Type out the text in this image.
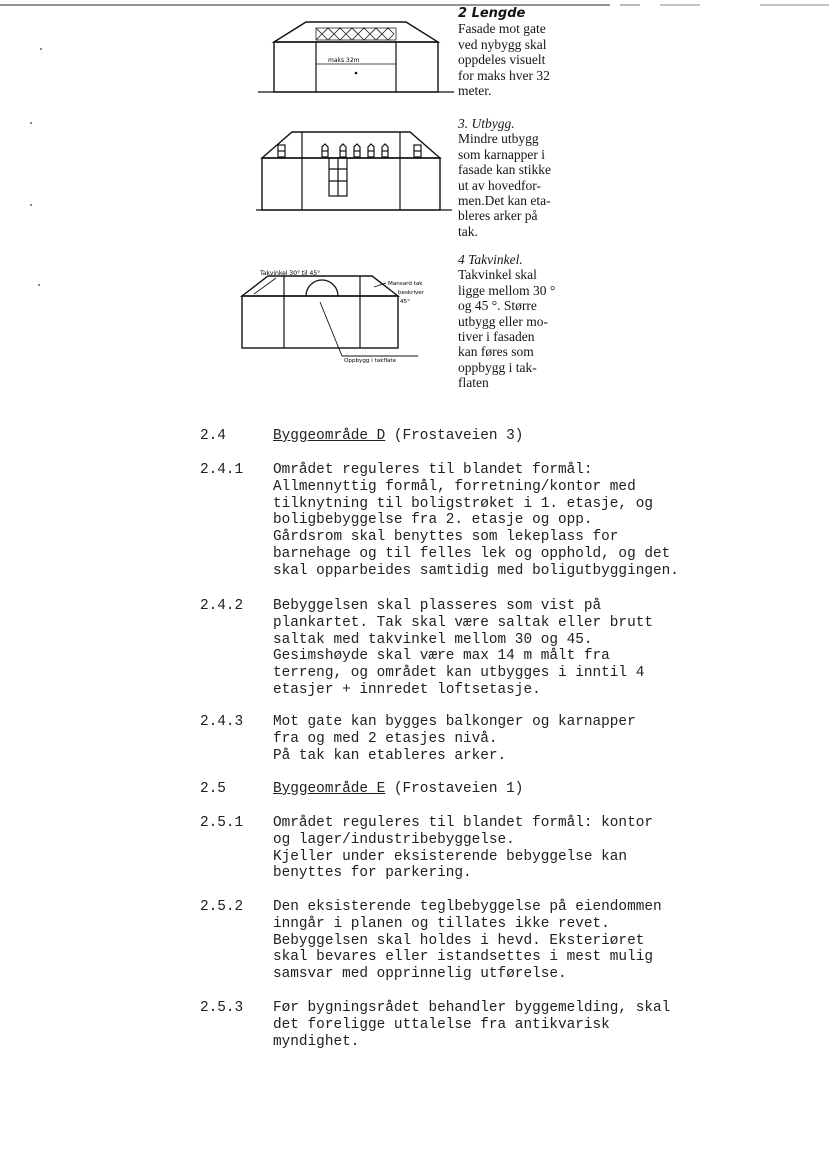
maks 32m
Takvinkel 30° til 45°
Mansard tak
beskriver
45°
Oppbygg i takflate
2 Lengde
Fasade mot gate
ved nybygg skal
oppdeles visuelt
for maks hver 32
meter.
3. Utbygg.
Mindre utbygg
som karnapper i
fasade kan stikke
ut av hovedfor-
men.Det kan eta-
bleres arker på
tak.
4 Takvinkel.
Takvinkel skal
ligge mellom 30 °
og 45 °. Større
utbygg eller mo-
tiver i fasaden
kan føres som
oppbygg i tak-
flaten
2.4	Byggeområde D (Frostaveien 3)
2.4.1 Området reguleres til blandet formål:
Allmennyttig formål, forretning/kontor med
tilknytning til boligstrøket i 1. etasje, og
boligbebyggelse fra 2. etasje og opp.
Gårdsrom skal benyttes som lekeplass for
barnehage og til felles lek og opphold, og det
skal opparbeides samtidig med boligutbyggingen.
2.4.2 Bebyggelsen skal plasseres som vist på
plankartet. Tak skal være saltak eller brutt
saltak med takvinkel mellom 30 og 45.
Gesimshøyde skal være max 14 m målt fra
terreng, og området kan utbygges i inntil 4
etasjer + innredet loftsetasje.
2.4.3 Mot gate kan bygges balkonger og karnapper
fra og med 2 etasjes nivå.
På tak kan etableres arker.
2.5	Byggeområde E (Frostaveien 1)
2.5.1 Området reguleres til blandet formål: kontor
og lager/industribebyggelse.
Kjeller under eksisterende bebyggelse kan
benyttes for parkering.
2.5.2 Den eksisterende teglbebyggelse på eiendommen
inngår i planen og tillates ikke revet.
Bebyggelsen skal holdes i hevd. Eksteriøret
skal bevares eller istandsettes i mest mulig
samsvar med opprinnelig utførelse.
2.5.3 Før bygningsrådet behandler byggemelding, skal
det foreligge uttalelse fra antikvarisk
myndighet.
